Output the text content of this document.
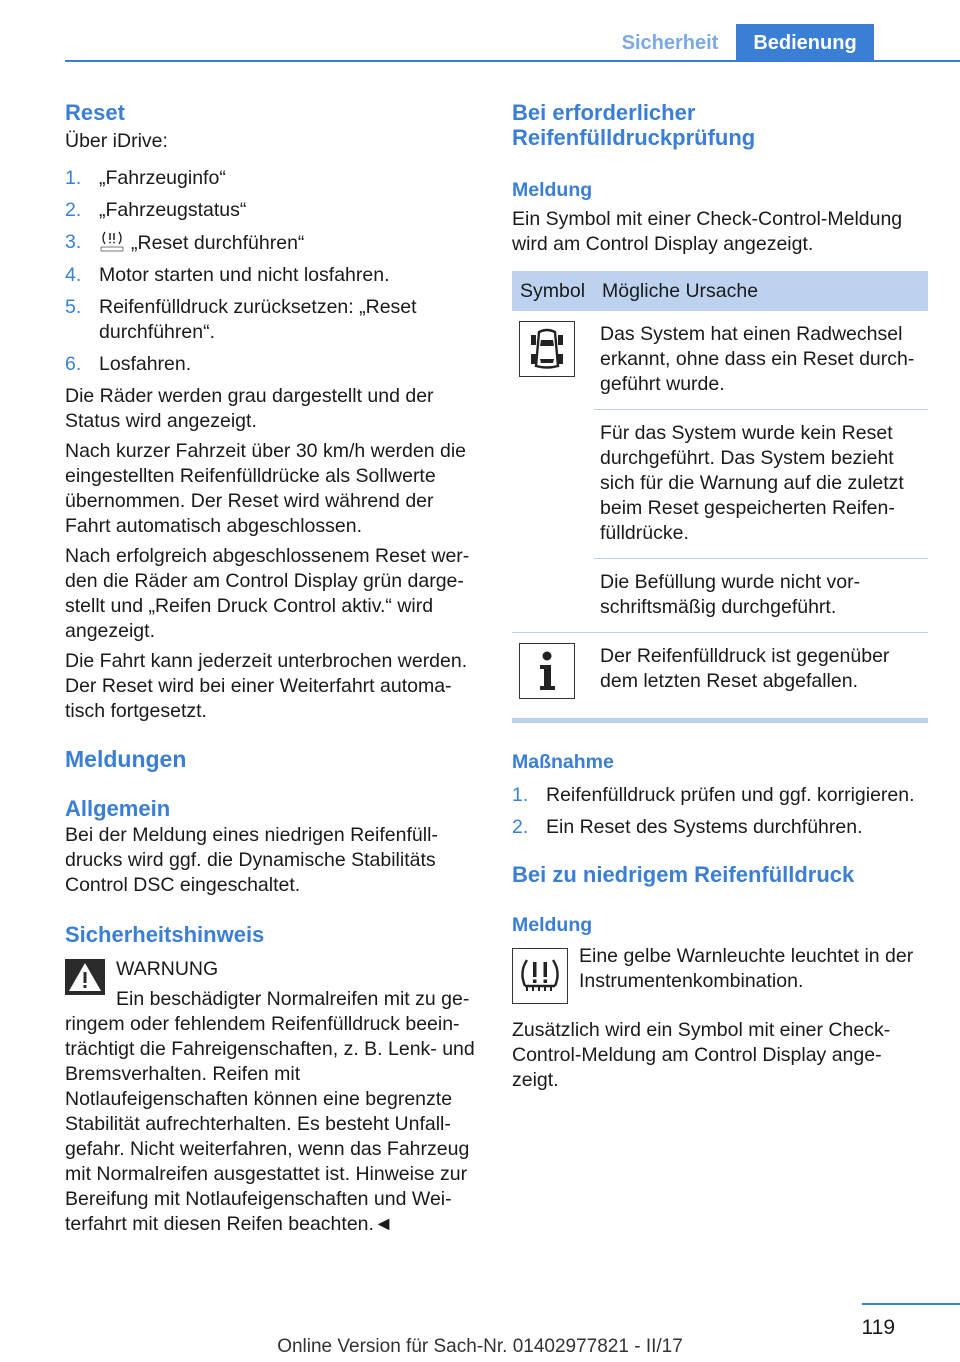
Sicherheit	Bedienung
Reset

Über iDrive:

1. „Fahrzeuginfo“
2. „Fahrzeugstatus“
3.	„Reset durchführen“
4. Motor starten und nicht losfahren.
5. Reifenfülldruck zurücksetzen: „Reset durchführen“.
6. Losfahren.

Die Räder werden grau dargestellt und der Status wird angezeigt.

Nach kurzer Fahrzeit über 30 km/h werden die eingestellten Reifenfülldrücke als Sollwerte übernommen. Der Reset wird während der Fahrt automatisch abgeschlossen.

Nach erfolgreich abgeschlossenem Reset wer‐den die Räder am Control Display grün darge‐stellt und „Reifen Druck Control aktiv.“ wird angezeigt.

Die Fahrt kann jederzeit unterbrochen werden. Der Reset wird bei einer Weiterfahrt automa‐tisch fortgesetzt.

Meldungen
Allgemein

Bei der Meldung eines niedrigen Reifenfüll‐drucks wird ggf. die Dynamische Stabilitäts Control DSC eingeschaltet.

Sicherheitshinweis

WARNUNG

Ein beschädigter Normalreifen mit zu ge‐

ringem oder fehlendem Reifenfülldruck beein‐trächtigt die Fahreigenschaften, z. B. Lenk- und Bremsverhalten. Reifen mit Notlaufeigenschaften können eine begrenzte Stabilität aufrechterhalten. Es besteht Unfall‐gefahr. Nicht weiterfahren, wenn das Fahrzeug mit Normalreifen ausgestattet ist. Hinweise zur Bereifung mit Notlaufeigenschaften und Wei‐terfahrt mit diesen Reifen beachten.◄

Bei erforderlicher Reifenfülldruckprüfung
Meldung

Ein Symbol mit einer Check-Control-Meldung wird am Control Display angezeigt.

Symbol	Mögliche Ursache

	Das System hat einen Radwechsel erkannt, ohne dass ein Reset durch‐geführt wurde.
	Für das System wurde kein Reset durchgeführt. Das System bezieht sich für die Warnung auf die zuletzt beim Reset gespeicherten Reifen‐fülldrücke.
	Die Befüllung wurde nicht vor‐schriftsmäßig durchgeführt.

	Der Reifenfülldruck ist gegenüber dem letzten Reset abgefallen.
Maßnahme
1. Reifenfülldruck prüfen und ggf. korrigieren.
2. Ein Reset des Systems durchführen.
Bei zu niedrigem Reifenfülldruck
Meldung

Eine gelbe Warnleuchte leuchtet in der Instrumentenkombination.

Zusätzlich wird ein Symbol mit einer Check-Control-Meldung am Control Display ange‐zeigt.

119
Online Version für Sach-Nr. 01402977821 - II/17
